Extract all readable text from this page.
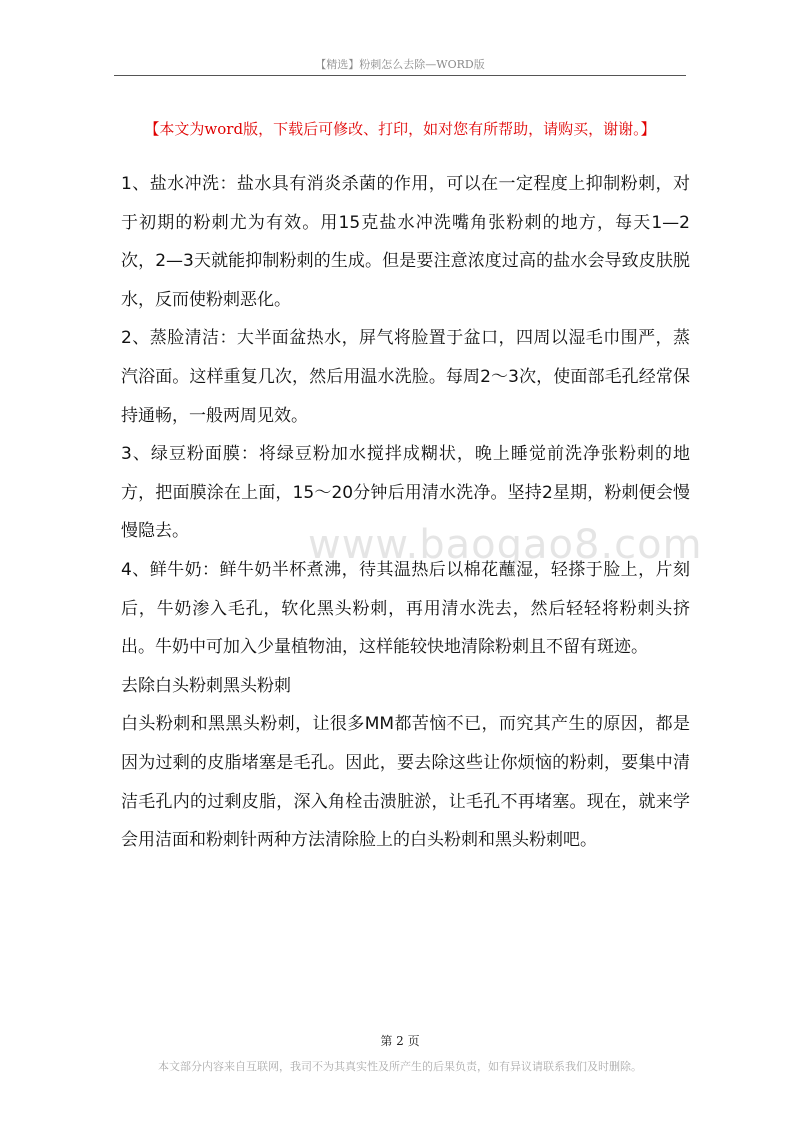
【精选】粉刺怎么去除—WORD版
【本文为word版，下载后可修改、打印，如对您有所帮助，请购买，谢谢。】
www.baogao8.com

1、盐水冲洗：盐水具有消炎杀菌的作用，可以在一定程度上抑制粉刺，对于初期的粉刺尤为有效。用15克盐水冲洗嘴角张粉刺的地方，每天1—2次，2—3天就能抑制粉刺的生成。但是要注意浓度过高的盐水会导致皮肤脱水，反而使粉刺恶化。

2、蒸脸清洁：大半面盆热水，屏气将脸置于盆口，四周以湿毛巾围严，蒸汽浴面。这样重复几次，然后用温水洗脸。每周2～3次，使面部毛孔经常保持通畅，一般两周见效。

3、绿豆粉面膜：将绿豆粉加水搅拌成糊状，晚上睡觉前洗净张粉刺的地方，把面膜涂在上面，15～20分钟后用清水洗净。坚持2星期，粉刺便会慢慢隐去。

4、鲜牛奶：鲜牛奶半杯煮沸，待其温热后以棉花蘸湿，轻搽于脸上，片刻后，牛奶渗入毛孔，软化黑头粉刺，再用清水洗去，然后轻轻将粉刺头挤出。牛奶中可加入少量植物油，这样能较快地清除粉刺且不留有斑迹。

去除白头粉刺黑头粉刺

白头粉刺和黑黑头粉刺，让很多MM都苦恼不已，而究其产生的原因，都是因为过剩的皮脂堵塞是毛孔。因此，要去除这些让你烦恼的粉刺，要集中清洁毛孔内的过剩皮脂，深入角栓击溃脏淤，让毛孔不再堵塞。现在，就来学会用洁面和粉刺针两种方法清除脸上的白头粉刺和黑头粉刺吧。

第 2 页
本文部分内容来自互联网，我司不为其真实性及所产生的后果负责，如有异议请联系我们及时删除。
